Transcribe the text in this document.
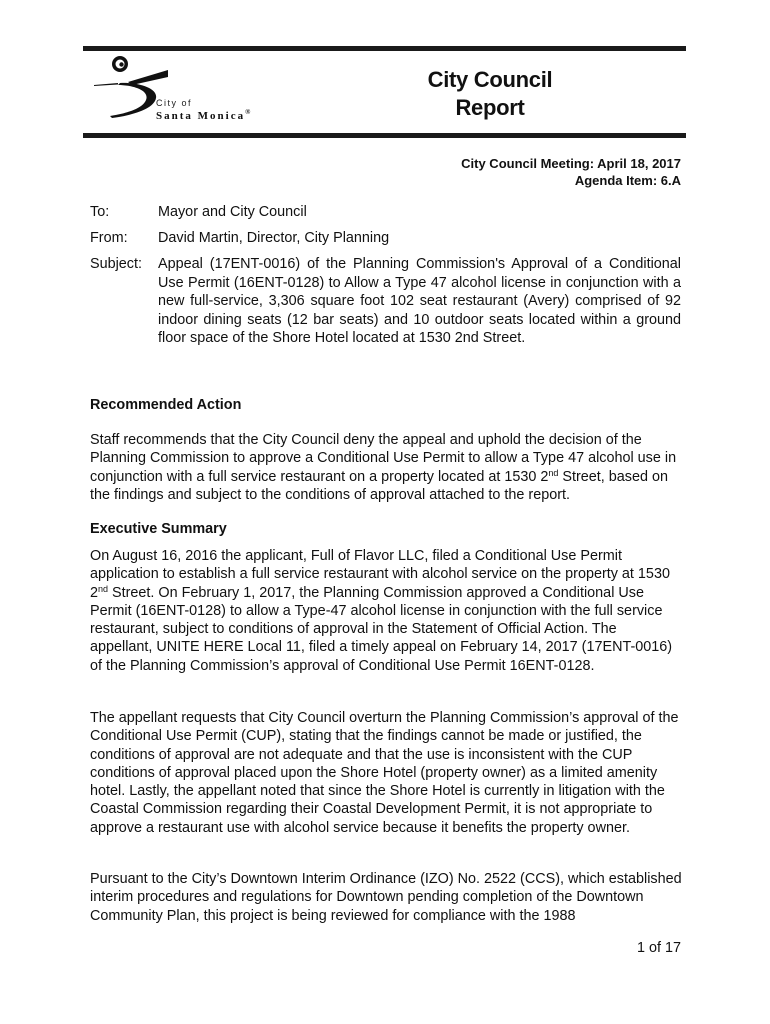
City of
Santa Monica®
City Council
Report
City Council Meeting: April 18, 2017
Agenda Item: 6.A
To:	Mayor and City Council
From:	David Martin, Director, City Planning
Subject:	Appeal (17ENT-0016) of the Planning Commission's Approval of a Conditional Use Permit (16ENT-0128) to Allow a Type 47 alcohol license in conjunction with a new full-service, 3,306 square foot 102 seat restaurant (Avery) comprised of 92 indoor dining seats (12 bar seats) and 10 outdoor seats located within a ground floor space of the Shore Hotel located at 1530 2nd Street.
Recommended Action
Staff recommends that the City Council deny the appeal and uphold the decision of the Planning Commission to approve a Conditional Use Permit to allow a Type 47 alcohol use in conjunction with a full service restaurant on a property located at 1530 2nd Street, based on the findings and subject to the conditions of approval attached to the report.
Executive Summary
On August 16, 2016 the applicant, Full of Flavor LLC, filed a Conditional Use Permit application to establish a full service restaurant with alcohol service on the property at 1530 2nd Street. On February 1, 2017, the Planning Commission approved a Conditional Use Permit (16ENT-0128) to allow a Type-47 alcohol license in conjunction with the full service restaurant, subject to conditions of approval in the Statement of Official Action. The appellant, UNITE HERE Local 11, filed a timely appeal on February 14, 2017 (17ENT-0016) of the Planning Commission’s approval of Conditional Use Permit 16ENT-0128.
The appellant requests that City Council overturn the Planning Commission’s approval of the Conditional Use Permit (CUP), stating that the findings cannot be made or justified, the conditions of approval are not adequate and that the use is inconsistent with the CUP conditions of approval placed upon the Shore Hotel (property owner) as a limited amenity hotel. Lastly, the appellant noted that since the Shore Hotel is currently in litigation with the Coastal Commission regarding their Coastal Development Permit, it is not appropriate to approve a restaurant use with alcohol service because it benefits the property owner.
Pursuant to the City’s Downtown Interim Ordinance (IZO) No. 2522 (CCS), which established interim procedures and regulations for Downtown pending completion of the Downtown Community Plan, this project is being reviewed for compliance with the 1988
1 of 17
